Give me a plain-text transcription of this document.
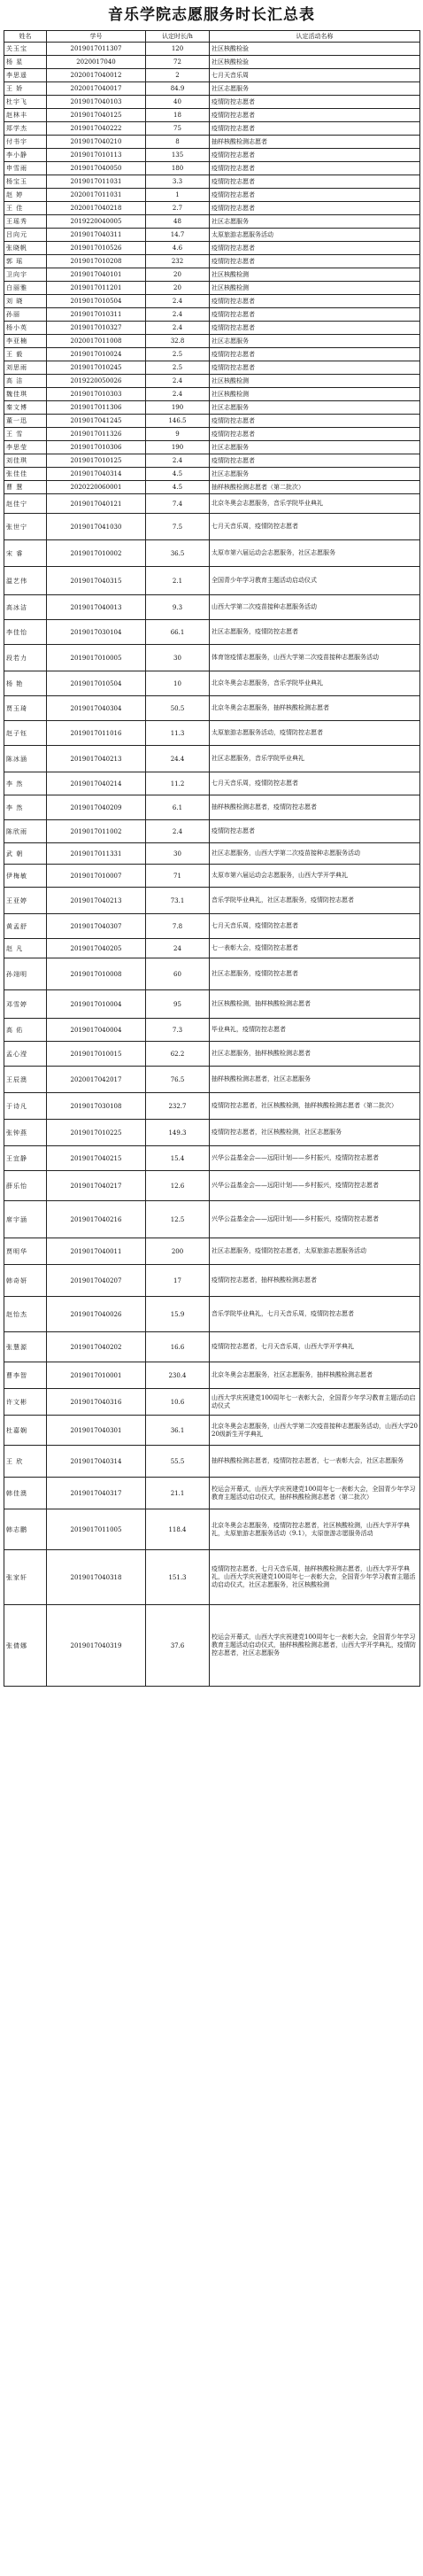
音乐学院志愿服务时长汇总表
姓名	学号	认定时长/h	认定活动名称
关玉宝	2019017011307	120	社区核酸检验
杨 星	2020017040	72	社区核酸检验
李思遥	2020017040012	2	七月天音乐周
王 娇	2020017040017	84.9	社区志愿服务
杜宇飞	2019017040103	40	疫情防控志愿者
赵林丰	2019017040125	18	疫情防控志愿者
郑学杰	2019017040222	75	疫情防控志愿者
付书宇	2019017040210	8	抽样核酸检测志愿者
李小静	2019017010113	135	疫情防控志愿者
申雪雨	2019017040050	180	疫情防控志愿者
杨宝玉	2019017011031	3.3	疫情防控志愿者
赵 婷	2020017011031	1	疫情防控志愿者
王 佳	2020017040218	2.7	疫情防控志愿者
王瑶秀	2019220040005	48	社区志愿服务
吕向元	2019017040311	14.7	太原旅游志愿服务活动
张晓帆	2019017010526	4.6	疫情防控志愿者
郭 瑶	2019017010208	232	疫情防控志愿者
卫向宇	2019017040101	20	社区核酸检测
白丽雅	2019017011201	20	社区核酸检测
刘 晓	2019017010504	2.4	疫情防控志愿者
孙丽	2019017010311	2.4	疫情防控志愿者
杨小英	2019017010327	2.4	疫情防控志愿者
李亚楠	2020017011008	32.8	社区志愿服务
王 毅	2019017010024	2.5	疫情防控志愿者
刘思雨	2019017010245	2.5	疫情防控志愿者
高 洁	2019220050026	2.4	社区核酸检测
魏佳琪	2019017010303	2.4	社区核酸检测
秦文博	2019017011306	190	社区志愿服务
董一迅	2019017041245	146.5	疫情防控志愿者
王 雪	2019017011326	9	疫情防控志愿者
李思莹	2019017010306	190	社区志愿服务
刘佳琪	2019017010125	2.4	疫情防控志愿者
张佳佳	2019017040314	4.5	社区志愿服务
曹 慧	2020220060001	4.5	抽样核酸检测志愿者（第二批次）
赵佳宁	2019017040121	7.4	北京冬奥会志愿服务，音乐学院毕业典礼
张世宁	2019017041030	7.5	七月天音乐周，疫情防控志愿者
宋 睿	2019017010002	36.5	太原市第六届运动会志愿服务，社区志愿服务
温艺伟	2019017040315	2.1	全国青少年学习教育主题活动启动仪式
高冰洁	2019017040013	9.3	山西大学第二次疫苗接种志愿服务活动
李佳怡	2019017030104	66.1	社区志愿服务，疫情防控志愿者
段若力	2019017010005	30	体育馆疫情志愿服务，山西大学第二次疫苗接种志愿服务活动
杨 艳	2019017010504	10	北京冬奥会志愿服务，音乐学院毕业典礼
贾玉琦	2019017040304	50.5	北京冬奥会志愿服务，抽样核酸检测志愿者
赵子钰	2019017011016	11.3	太原旅游志愿服务活动，疫情防控志愿者
陈冰涵	2019017040213	24.4	社区志愿服务，音乐学院毕业典礼
李 然	2019017040214	11.2	七月天音乐周，疫情防控志愿者
李 然	2019017040209	6.1	抽样核酸检测志愿者，疫情防控志愿者
陈欣雨	2019017011002	2.4	疫情防控志愿者
武 朝	2019017011331	30	社区志愿服务，山西大学第二次疫苗接种志愿服务活动
伊梅敏	2019017010007	71	太原市第六届运动会志愿服务，山西大学开学典礼
王亚婷	2019017040213	73.1	音乐学院毕业典礼，社区志愿服务，疫情防控志愿者
黄孟舒	2019017040307	7.8	七月天音乐周，疫情防控志愿者
赵 凡	2019017040205	24	七一表彰大会，疫情防控志愿者
孙翊明	2019017010008	60	社区志愿服务，疫情防控志愿者
邓雪婷	2019017010004	95	社区核酸检测，抽样核酸检测志愿者
高 佑	2019017040004	7.3	毕业典礼，疫情防控志愿者
孟心滢	2019017010015	62.2	社区志愿服务，抽样核酸检测志愿者
王辰澳	2020017042017	76.5	抽样核酸检测志愿者，社区志愿服务
于诗凡	2019017030108	232.7	疫情防控志愿者，社区核酸检测，抽样核酸检测志愿者（第二批次）
张钟燕	2019017010225	149.3	疫情防控志愿者，社区核酸检测，社区志愿服务
王宜静	2019017040215	15.4	兴华公益基金会——远阳计划——乡村振兴，疫情防控志愿者
薛乐怡	2019017040217	12.6	兴华公益基金会——远阳计划——乡村振兴，疫情防控志愿者
席宇涵	2019017040216	12.5	兴华公益基金会——远阳计划——乡村振兴，疫情防控志愿者
贾明华	2019017040011	200	社区志愿服务，疫情防控志愿者，太原旅游志愿服务活动
韩奇妍	2019017040207	17	疫情防控志愿者，抽样核酸检测志愿者
赵怡杰	2019017040026	15.9	音乐学院毕业典礼，七月天音乐周，疫情防控志愿者
张慧源	2019017040202	16.6	疫情防控志愿者，七月天音乐周，山西大学开学典礼
曹李智	2019017010001	230.4	北京冬奥会志愿服务，社区志愿服务，抽样核酸检测志愿者
许文彬	2019017040316	10.6	山西大学庆祝建党100周年七一表彰大会，全国青少年学习教育主题活动启动仪式
杜嘉娴	2019017040301	36.1	北京冬奥会志愿服务，山西大学第二次疫苗接种志愿服务活动，山西大学2020级新生开学典礼
王 欣	2019017040314	55.5	抽样核酸检测志愿者，疫情防控志愿者，七一表彰大会，社区志愿服务
韩佳澳	2019017040317	21.1	校运会开幕式，山西大学庆祝建党100周年七一表彰大会，全国青少年学习教育主题活动启动仪式，抽样核酸检测志愿者（第二批次）
韩志鹏	2019017011005	118.4	北京冬奥会志愿服务，疫情防控志愿者，社区核酸检测，山西大学开学典礼，太原旅游志愿服务活动（9.1），太原旅游志愿服务活动
张家轩	2019017040318	151.3	疫情防控志愿者，七月天音乐周，抽样核酸检测志愿者，山西大学开学典礼，山西大学庆祝建党100周年七一表彰大会，全国青少年学习教育主题活动启动仪式，社区志愿服务，社区核酸检测
张倩娜	2019017040319	37.6	校运会开幕式，山西大学庆祝建党100周年七一表彰大会，全国青少年学习教育主题活动启动仪式，抽样核酸检测志愿者，山西大学开学典礼，疫情防控志愿者，社区志愿服务
